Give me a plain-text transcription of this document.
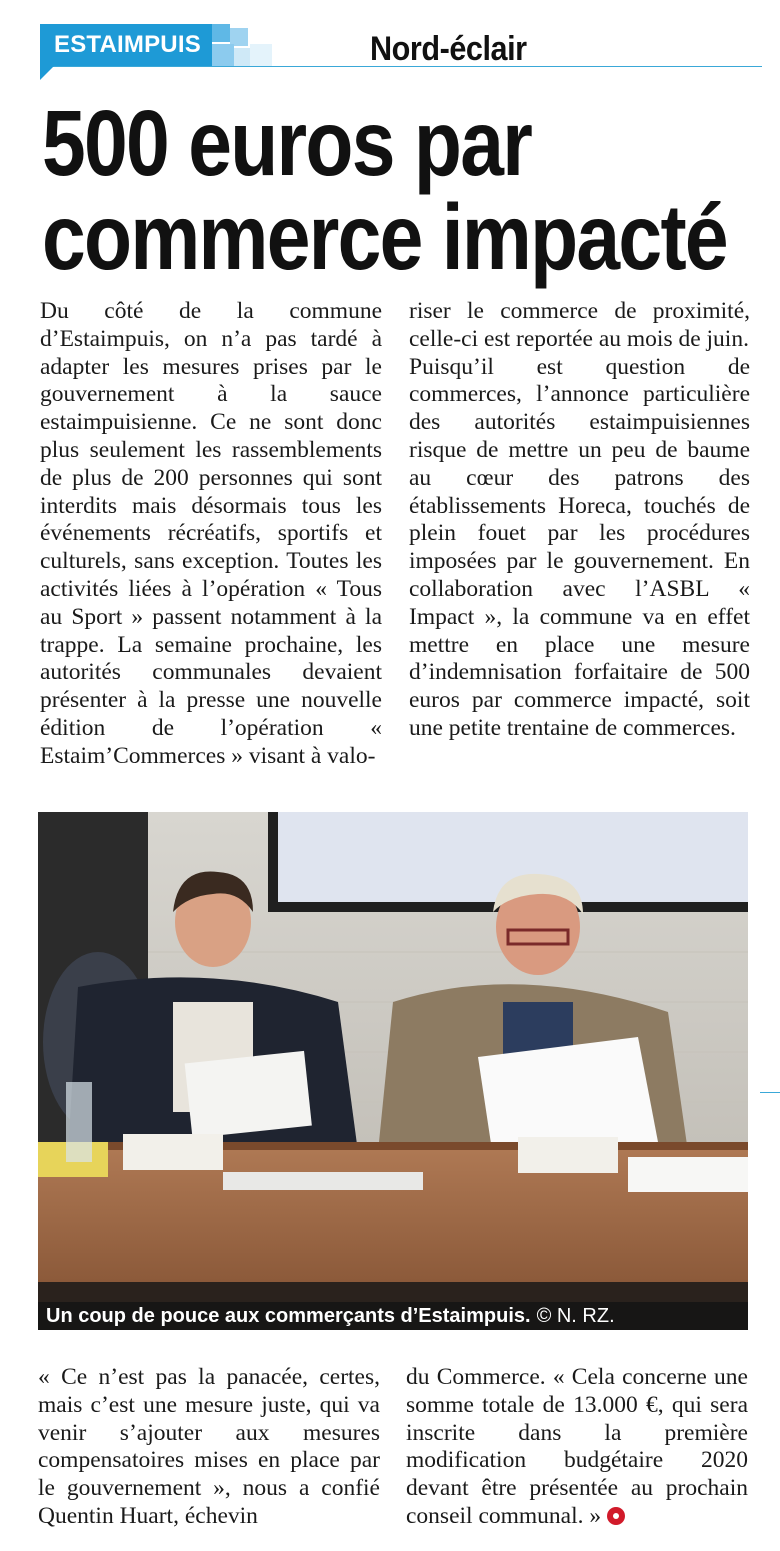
ESTAIMPUIS	Nord-éclair
500 euros par
commerce impacté

Du côté de la commune d’Estaimpuis, on n’a pas tardé à adapter les mesures prises par le gouvernement à la sauce estaimpuisienne. Ce ne sont donc plus seulement les rassemblements de plus de 200 personnes qui sont interdits mais désormais tous les événements récréatifs, sportifs et culturels, sans exception. Toutes les activités liées à l’opération « Tous au Sport » passent notamment à la trappe. La semaine prochaine, les autorités communales devaient présenter à la presse une nouvelle édition de l’opération « Estaim’Commerces » visant à valo-

riser le commerce de proximité, celle-ci est reportée au mois de juin.

Puisqu’il est question de commerces, l’annonce particulière des autorités estaimpuisiennes risque de mettre un peu de baume au cœur des patrons des établissements Horeca, touchés de plein fouet par les procédures imposées par le gouvernement. En collaboration avec l’ASBL « Impact », la commune va en effet mettre en place une mesure d’indemnisation forfaitaire de 500 euros par commerce impacté, soit une petite trentaine de commerces.

Un coup de pouce aux commerçants d’Estaimpuis. © N. RZ.

« Ce n’est pas la panacée, certes, mais c’est une mesure juste, qui va venir s’ajouter aux mesures compensatoires mises en place par le gouvernement », nous a confié Quentin Huart, échevin

du Commerce. « Cela concerne une somme totale de 13.000 €, qui sera inscrite dans la première modification budgétaire 2020 devant être présentée au prochain conseil communal. »
